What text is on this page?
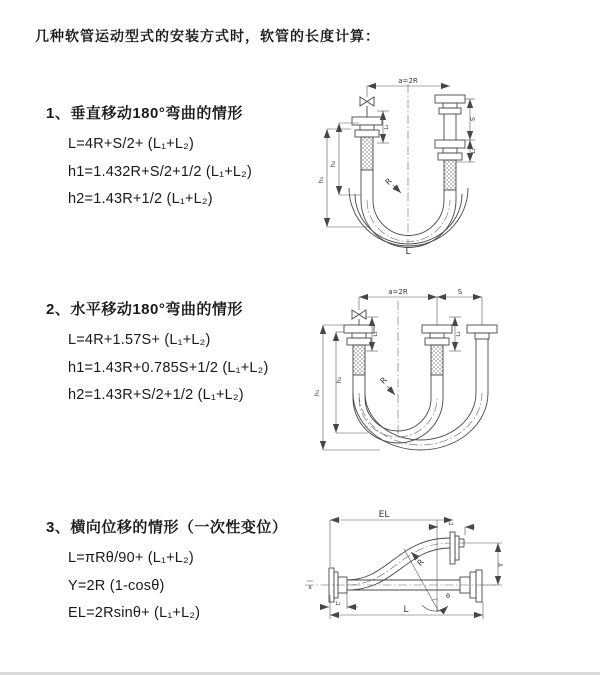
几种软管运动型式的安装方式时，软管的长度计算：
1、垂直移动180°弯曲的情形
L=4R+S/2+ (L₁+L₂)
h1=1.432R+S/2+1/2 (L₁+L₂)
h2=1.43R+1/2 (L₁+L₂)
2、水平移动180°弯曲的情形
L=4R+1.57S+ (L₁+L₂)
h1=1.43R+0.785S+1/2 (L₁+L₂)
h2=1.43R+S/2+1/2 (L₁+L₂)
3、横向位移的情形（一次性变位）
L=πRθ/90+ (L₁+L₂)
Y=2R (1-cosθ)
EL=2Rsinθ+ (L₁+L₂)
a=2R
R
L
h₁
h₂
L₁
S
L₂
a=2R	S
R
h₁
h₂
L₁	L₂
x
EL
L₁
Y
R
θ
L₁
L
